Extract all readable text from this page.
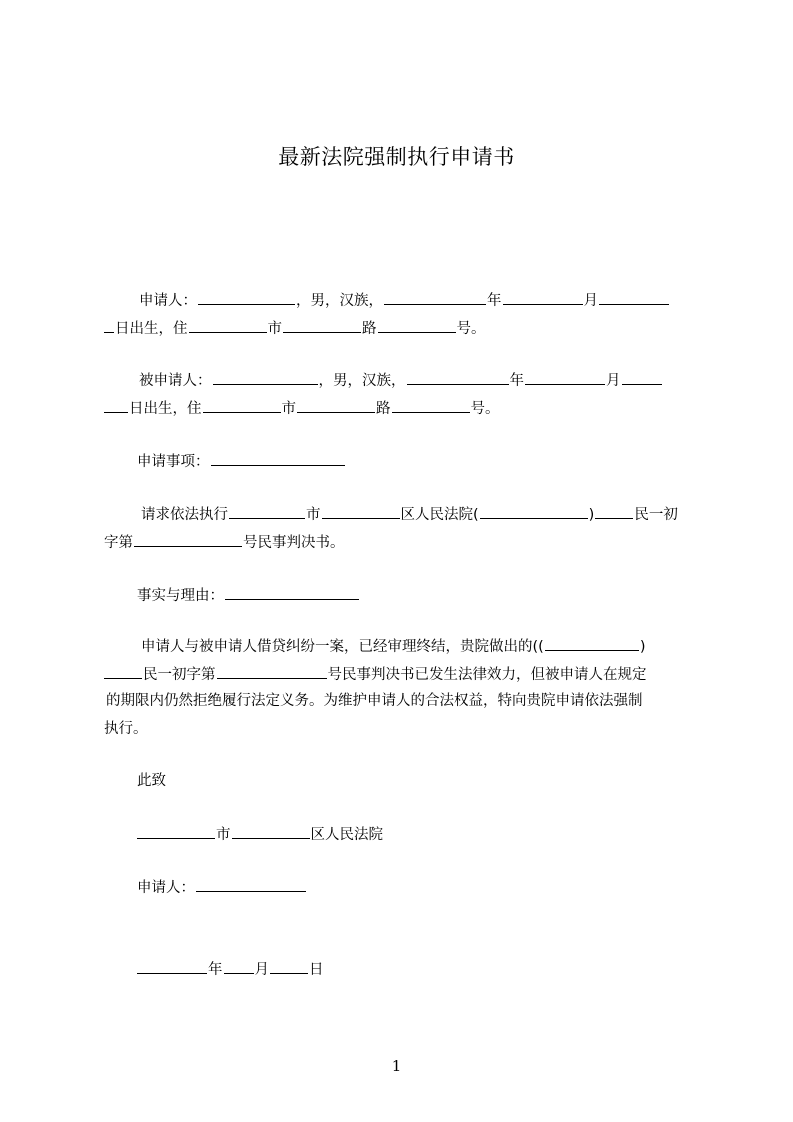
最新法院强制执行申请书
申请人：	，男，汉族，	年	月
日出生，住	市	路	号。
被申请人：	，男，汉族，	年	月
日出生，住	市	路	号。
申请事项：
请求依法执行	市	区人民法院(	)	民一初
字第	号民事判决书。
事实与理由：
申请人与被申请人借贷纠纷一案，已经审理终结，贵院做出的((	)
民一初字第	号民事判决书已发生法律效力，但被申请人在规定
的期限内仍然拒绝履行法定义务。为维护申请人的合法权益，特向贵院申请依法强制
执行。
此致
市	区人民法院
申请人：
年 月	日
1
